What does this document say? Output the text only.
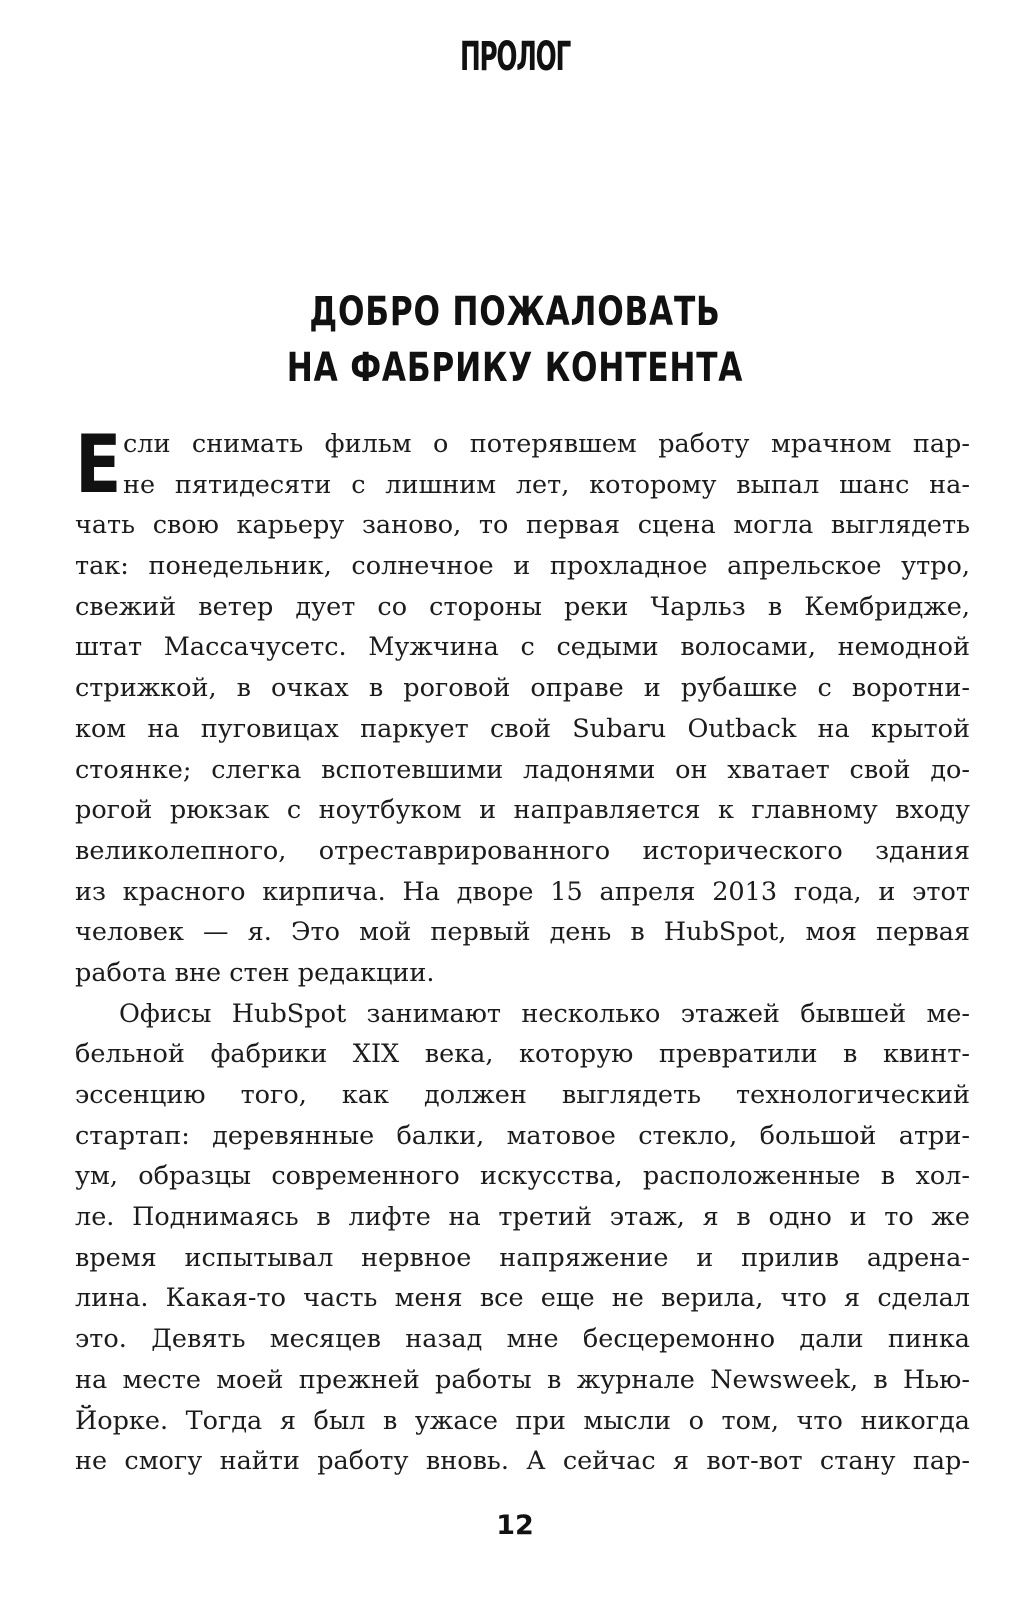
ПРОЛОГ
ДОБРО ПОЖАЛОВАТЬ
НА ФАБРИКУ КОНТЕНТА
Е сли снимать фильм о потерявшем работу мрачном пар-
не пятидесяти с лишним лет, которому выпал шанс на-
чать свою карьеру заново, то первая сцена могла выглядеть
так: понедельник, солнечное и прохладное апрельское утро,
свежий ветер дует со стороны реки Чарльз в Кембридже,
штат Массачусетс. Мужчина с седыми волосами, немодной
стрижкой, в очках в роговой оправе и рубашке с воротни-
ком на пуговицах паркует свой Subaru Outback на крытой
стоянке; слегка вспотевшими ладонями он хватает свой до-
рогой рюкзак с ноутбуком и направляется к главному входу
великолепного, отреставрированного исторического здания
из красного кирпича. На дворе 15 апреля 2013 года, и этот
человек — я. Это мой первый день в HubSpot, моя первая
работа вне стен редакции.
Офисы HubSpot занимают несколько этажей бывшей ме-
бельной фабрики XIX века, которую превратили в квинт-
эссенцию того, как должен выглядеть технологический
стартап: деревянные балки, матовое стекло, большой атри-
ум, образцы современного искусства, расположенные в хол-
ле. Поднимаясь в лифте на третий этаж, я в одно и то же
время испытывал нервное напряжение и прилив адрена-
лина. Какая-то часть меня все еще не верила, что я сделал
это. Девять месяцев назад мне бесцеремонно дали пинка
на месте моей прежней работы в журнале Newsweek, в Нью-
Йорке. Тогда я был в ужасе при мысли о том, что никогда
не смогу найти работу вновь. А сейчас я вот-вот стану пар-
12
